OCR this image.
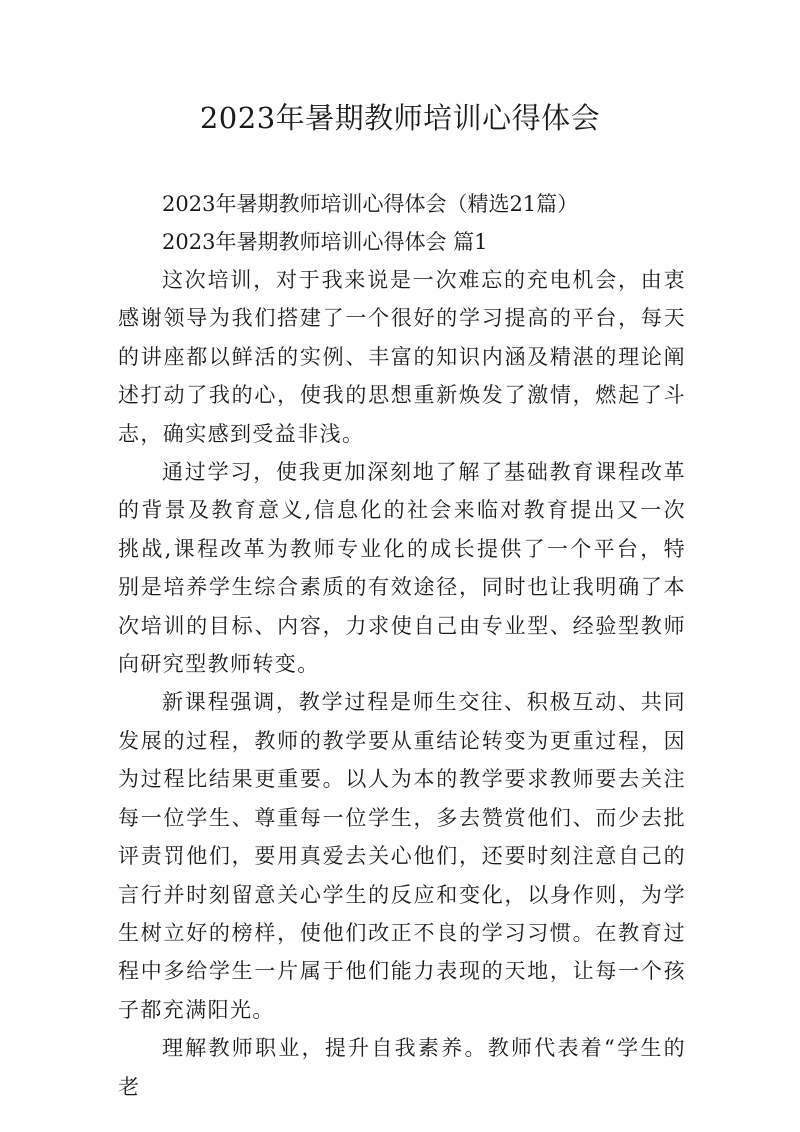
2023年暑期教师培训心得体会

2023年暑期教师培训心得体会（精选21篇）

2023年暑期教师培训心得体会 篇1

这次培训，对于我来说是一次难忘的充电机会，由衷感谢领导为我们搭建了一个很好的学习提高的平台，每天的讲座都以鲜活的实例、丰富的知识内涵及精湛的理论阐述打动了我的心，使我的思想重新焕发了激情，燃起了斗志，确实感到受益非浅。

通过学习，使我更加深刻地了解了基础教育课程改革的背景及教育意义,信息化的社会来临对教育提出又一次挑战,课程改革为教师专业化的成长提供了一个平台，特别是培养学生综合素质的有效途径，同时也让我明确了本次培训的目标、内容，力求使自己由专业型、经验型教师向研究型教师转变。

新课程强调，教学过程是师生交往、积极互动、共同发展的过程，教师的教学要从重结论转变为更重过程，因为过程比结果更重要。以人为本的教学要求教师要去关注每一位学生、尊重每一位学生，多去赞赏他们、而少去批评责罚他们，要用真爱去关心他们，还要时刻注意自己的言行并时刻留意关心学生的反应和变化，以身作则，为学生树立好的榜样，使他们改正不良的学习习惯。在教育过程中多给学生一片属于他们能力表现的天地，让每一个孩子都充满阳光。

理解教师职业，提升自我素养。教师代表着“学生的老
